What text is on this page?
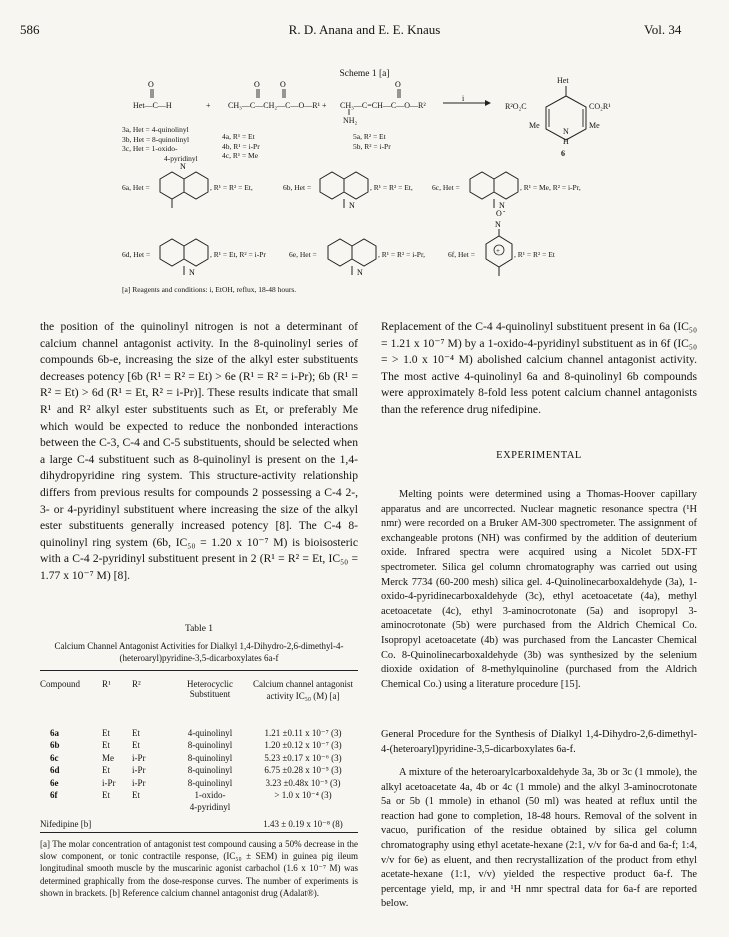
586	R. D. Anana and E. E. Knaus	Vol. 34
Scheme 1 [a]
O	O	O	O
N
N	N
N	N
+
N
O -
Het—C—H	+ CH₃—C—CH₂—C—O—R¹ + CH₃—C=CH—C—O—R²
NH₂
i
Het
R²O₂C	CO₂R¹
Me	Me
N
H
6
3a, Het = 4-quinolinyl
3b, Het = 8-quinolinyl
3c, Het = 1-oxido-
4-pyridinyl
4a, R¹ = Et
4b, R¹ = i-Pr
4c, R¹ = Me
5a, R² = Et
5b, R² = i-Pr
6a, Het =	, R¹ = R² = Et,	6b, Het =	, R¹ = R² = Et,	6c, Het =	, R¹ = Me, R² = i-Pr,
6d, Het =	, R¹ = Et, R² = i-Pr	6e, Het =	, R¹ = R² = i-Pr,	6f, Het =	, R¹ = R² = Et
[a] Reagents and conditions: i, EtOH, reflux, 18-48 hours.

the position of the quinolinyl nitrogen is not a determinant of calcium channel antagonist activity. In the 8-quinolinyl series of compounds 6b-e, increasing the size of the alkyl ester substituents decreases potency [6b (R¹ = R² = Et) > 6e (R¹ = R² = i-Pr); 6b (R¹ = R² = Et) > 6d (R¹ = Et, R² = i-Pr)]. These results indicate that small R¹ and R² alkyl ester substituents such as Et, or preferably Me which would be expected to reduce the nonbonded interactions between the C-3, C-4 and C-5 substituents, should be selected when a large C-4 substituent such as 8-quinolinyl is present on the 1,4-dihydropyridine ring system. This structure-activity relationship differs from previous results for compounds 2 possessing a C-4 2-, 3- or 4-pyridinyl substituent where increasing the size of the alkyl ester substituents generally increased potency [8]. The C-4 8-quinolinyl ring system (6b, IC₅₀ = 1.20 x 10⁻⁷ M) is bioisosteric with a C-4 2-pyridinyl substituent present in 2 (R¹ = R² = Et, IC₅₀ = 1.77 x 10⁻⁷ M) [8].

Table 1
Calcium Channel Antagonist Activities for Dialkyl 1,4-Dihydro-2,6-dimethyl-4-(heteroaryl)pyridine-3,5-dicarboxylates 6a-f
Compound	R¹	R²	Heterocyclic Substituent	Calcium channel antagonist activity IC₅₀ (M) [a]

6a	Et	Et	4-quinolinyl	1.21 ±0.11 x 10⁻⁷ (3)
6b	Et	Et	8-quinolinyl	1.20 ±0.12 x 10⁻⁷ (3)
6c	Me	i-Pr	8-quinolinyl	5.23 ±0.17 x 10⁻⁶ (3)
6d	Et	i-Pr	8-quinolinyl	6.75 ±0.28 x 10⁻⁵ (3)
6e	i-Pr	i-Pr	8-quinolinyl	3.23 ±0.48x 10⁻⁵ (3)
6f	Et	Et	1-oxido-	> 1.0 x 10⁻⁴ (3)
			4-pyridinyl	

Nifedipine [b]				1.43 ± 0.19 x 10⁻⁸ (8)
[a] The molar concentration of antagonist test compound causing a 50% decrease in the slow component, or tonic contractile response, (IC₅₀ ± SEM) in guinea pig ileum longitudinal smooth muscle by the muscarinic agonist carbachol (1.6 x 10⁻⁷ M) was determined graphically from the dose-response curves. The number of experiments is shown in brackets. [b] Reference calcium channel antagonist drug (Adalat®).

Replacement of the C-4 4-quinolinyl substituent present in 6a (IC₅₀ = 1.21 x 10⁻⁷ M) by a 1-oxido-4-pyridinyl substituent as in 6f (IC₅₀ = > 1.0 x 10⁻⁴ M) abolished calcium channel antagonist activity. The most active 4-quinolinyl 6a and 8-quinolinyl 6b compounds were approximately 8-fold less potent calcium channel antagonists than the reference drug nifedipine.

EXPERIMENTAL

Melting points were determined using a Thomas-Hoover capillary apparatus and are uncorrected. Nuclear magnetic resonance spectra (¹H nmr) were recorded on a Bruker AM-300 spectrometer. The assignment of exchangeable protons (NH) was confirmed by the addition of deuterium oxide. Infrared spectra were acquired using a Nicolet 5DX-FT spectrometer. Silica gel column chromatography was carried out using Merck 7734 (60-200 mesh) silica gel. 4-Quinolinecarboxaldehyde (3a), 1-oxido-4-pyridinecarboxaldehyde (3c), ethyl acetoacetate (4a), methyl acetoacetate (4c), ethyl 3-aminocrotonate (5a) and isopropyl 3-aminocrotonate (5b) were purchased from the Aldrich Chemical Co. Isopropyl acetoacetate (4b) was purchased from the Lancaster Chemical Co. 8-Quinolinecarboxaldehyde (3b) was synthesized by the selenium dioxide oxidation of 8-methylquinoline (purchased from the Aldrich Chemical Co.) using a literature procedure [15].

General Procedure for the Synthesis of Dialkyl 1,4-Dihydro-2,6-dimethyl-4-(heteroaryl)pyridine-3,5-dicarboxylates 6a-f.

A mixture of the heteroarylcarboxaldehyde 3a, 3b or 3c (1 mmole), the alkyl acetoacetate 4a, 4b or 4c (1 mmole) and the alkyl 3-aminocrotonate 5a or 5b (1 mmole) in ethanol (50 ml) was heated at reflux until the reaction had gone to completion, 18-48 hours. Removal of the solvent in vacuo, purification of the residue obtained by silica gel column chromatography using ethyl acetate-hexane (2:1, v/v for 6a-d and 6a-f; 1:4, v/v for 6e) as eluent, and then recrystallization of the product from ethyl acetate-hexane (1:1, v/v) yielded the respective product 6a-f. The percentage yield, mp, ir and ¹H nmr spectral data for 6a-f are reported below.
